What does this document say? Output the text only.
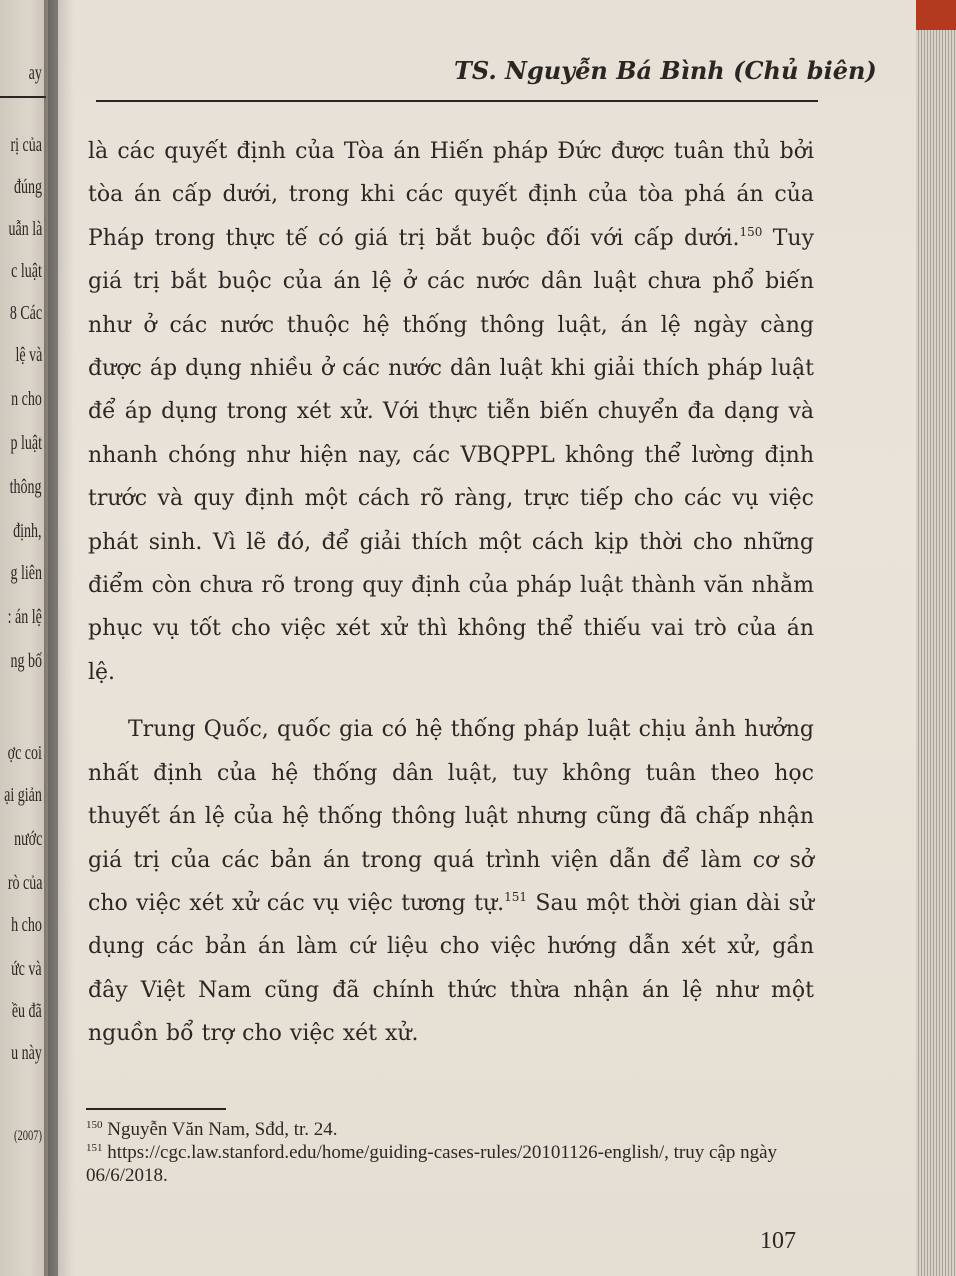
ay
rị của
đúng
uẫn là
c luật
8 Các
lệ và
n cho
p luật
thông
định,
g liên
: án lệ
ng bố
ợc coi
ại giản
nước
rò của
h cho
ức và
ều đã
u này
(2007)
TS. Nguyễn Bá Bình (Chủ biên)

là các quyết định của Tòa án Hiến pháp Đức được tuân thủ bởi tòa án cấp dưới, trong khi các quyết định của tòa phá án của Pháp trong thực tế có giá trị bắt buộc đối với cấp dưới.$^{150}$ Tuy giá trị bắt buộc của án lệ ở các nước dân luật chưa phổ biến như ở các nước thuộc hệ thống thông luật, án lệ ngày càng được áp dụng nhiều ở các nước dân luật khi giải thích pháp luật để áp dụng trong xét xử. Với thực tiễn biến chuyển đa dạng và nhanh chóng như hiện nay, các VBQPPL không thể lường định trước và quy định một cách rõ ràng, trực tiếp cho các vụ việc phát sinh. Vì lẽ đó, để giải thích một cách kịp thời cho những điểm còn chưa rõ trong quy định của pháp luật thành văn nhằm phục vụ tốt cho việc xét xử thì không thể thiếu vai trò của án lệ.

Trung Quốc, quốc gia có hệ thống pháp luật chịu ảnh hưởng nhất định của hệ thống dân luật, tuy không tuân theo học thuyết án lệ của hệ thống thông luật nhưng cũng đã chấp nhận giá trị của các bản án trong quá trình viện dẫn để làm cơ sở cho việc xét xử các vụ việc tương tự.$^{151}$ Sau một thời gian dài sử dụng các bản án làm cứ liệu cho việc hướng dẫn xét xử, gần đây Việt Nam cũng đã chính thức thừa nhận án lệ như một nguồn bổ trợ cho việc xét xử.

$^{150}$ Nguyễn Văn Nam, Sđd, tr. 24.

$^{151}$ https://cgc.law.stanford.edu/home/guiding-cases-rules/20101126-english/, truy cập ngày 06/6/2018.

107
